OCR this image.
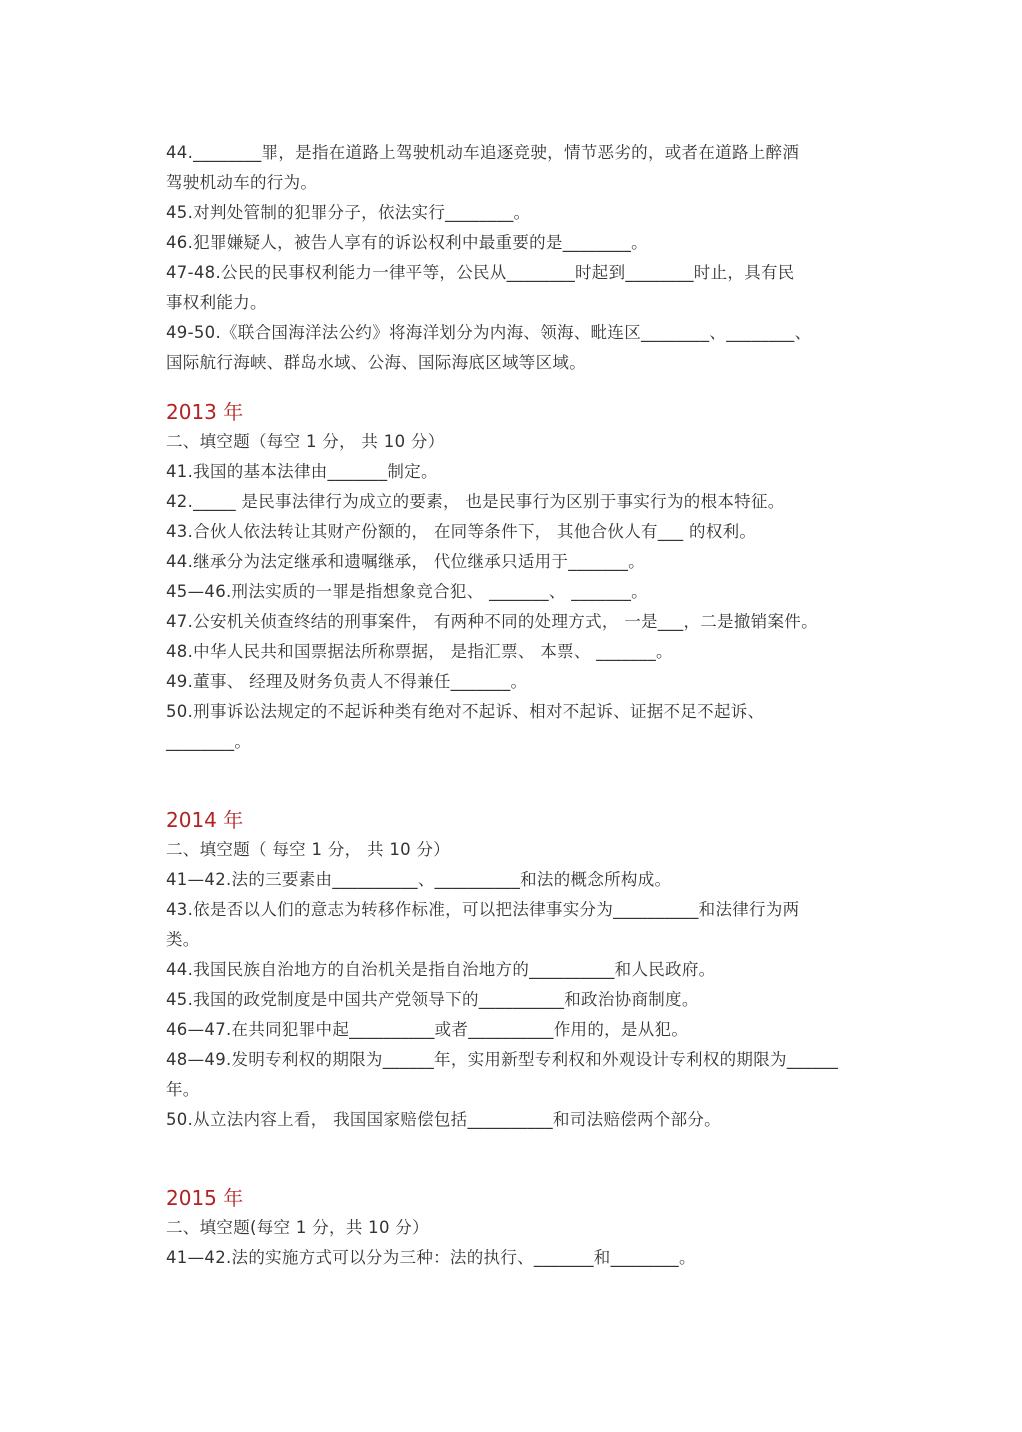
44.________罪，是指在道路上驾驶机动车追逐竞驶，情节恶劣的，或者在道路上醉酒
驾驶机动车的行为。
45.对判处管制的犯罪分子，依法实行________。
46.犯罪嫌疑人，被告人享有的诉讼权利中最重要的是________。
47-48.公民的民事权利能力一律平等，公民从________时起到________时止，具有民
事权利能力。
49-50.《联合国海洋法公约》将海洋划分为内海、领海、毗连区________、________、
国际航行海峡、群岛水域、公海、国际海底区域等区域。
2013 年
二、填空题（每空 1 分， 共 10 分）
41.我国的基本法律由_______制定。
42._____ 是民事法律行为成立的要素， 也是民事行为区别于事实行为的根本特征。
43.合伙人依法转让其财产份额的， 在同等条件下， 其他合伙人有___ 的权利。
44.继承分为法定继承和遗嘱继承， 代位继承只适用于_______。
45—46.刑法实质的一罪是指想象竞合犯、 _______、 _______。
47.公安机关侦查终结的刑事案件， 有两种不同的处理方式， 一是___，二是撤销案件。
48.中华人民共和国票据法所称票据， 是指汇票、 本票、 _______。
49.董事、 经理及财务负责人不得兼任_______。
50.刑事诉讼法规定的不起诉种类有绝对不起诉、相对不起诉、证据不足不起诉、
________。
2014 年
二、填空题（ 每空 1 分， 共 10 分）
41—42.法的三要素由__________、__________和法的概念所构成。
43.依是否以人们的意志为转移作标准，可以把法律事实分为__________和法律行为两
类。
44.我国民族自治地方的自治机关是指自治地方的__________和人民政府。
45.我国的政党制度是中国共产党领导下的__________和政治协商制度。
46—47.在共同犯罪中起__________或者__________作用的，是从犯。
48—49.发明专利权的期限为______年，实用新型专利权和外观设计专利权的期限为______
年。
50.从立法内容上看， 我国国家赔偿包括__________和司法赔偿两个部分。
2015 年
二、填空题(每空 1 分，共 10 分）
41—42.法的实施方式可以分为三种：法的执行、_______和________。
